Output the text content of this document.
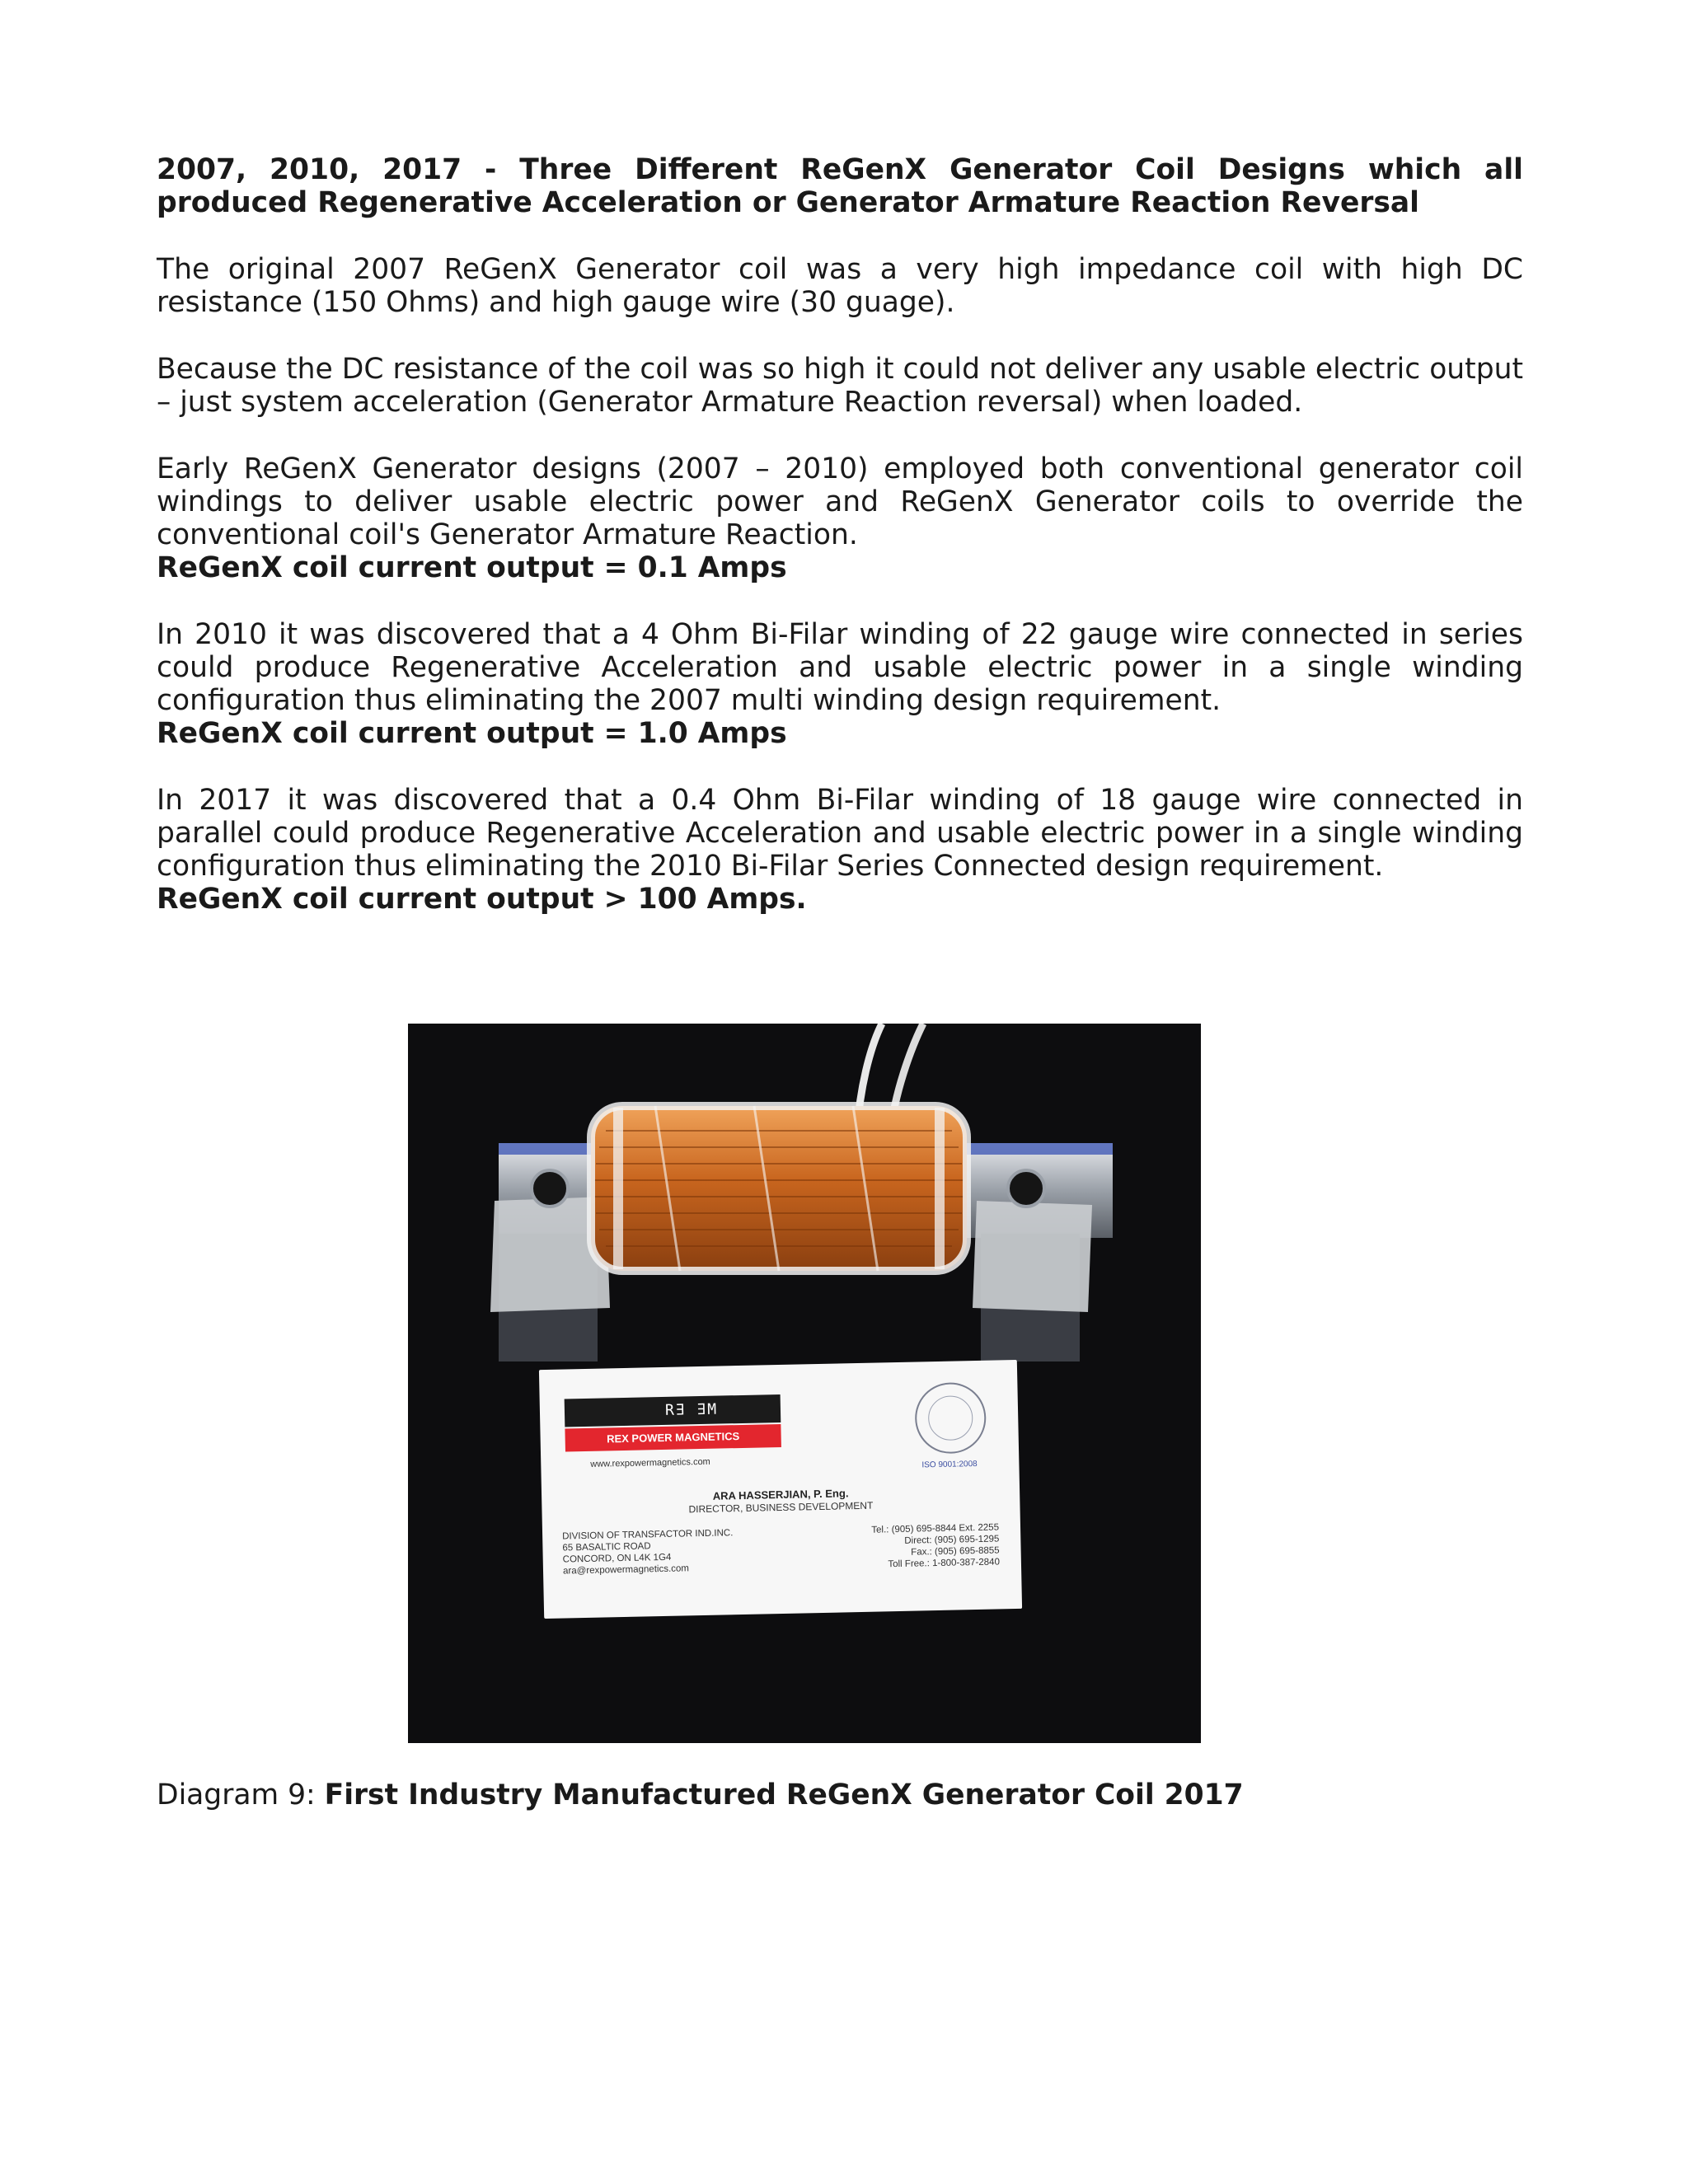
2007, 2010, 2017 - Three Different ReGenX Generator Coil Designs which all produced Regenerative Acceleration or Generator Armature Reaction Reversal

The original 2007 ReGenX Generator coil was a very high impedance coil with high DC resistance (150 Ohms) and high gauge wire (30 guage).

Because the DC resistance of the coil was so high it could not deliver any usable electric output – just system acceleration (Generator Armature Reaction reversal) when loaded.

Early ReGenX Generator designs (2007 – 2010) employed both conventional generator coil windings to deliver usable electric power and ReGenX Generator coils to override the conventional coil's Generator Armature Reaction.

ReGenX coil current output = 0.1 Amps

In 2010 it was discovered that a 4 Ohm Bi-Filar winding of 22 gauge wire connected in series could produce Regenerative Acceleration and usable electric power in a single winding configuration thus eliminating the 2007 multi winding design requirement.

ReGenX coil current output = 1.0 Amps

In 2017 it was discovered that a 0.4 Ohm Bi-Filar winding of 18 gauge wire connected in parallel could produce Regenerative Acceleration and usable electric power in a single winding configuration thus eliminating the 2010 Bi-Filar Series Connected design requirement.

ReGenX coil current output > 100 Amps.

R∃ ∃M
REX POWER MAGNETICS
www.rexpowermagnetics.com	ISO 9001:2008
ARA HASSERJIAN, P. Eng.
DIRECTOR, BUSINESS DEVELOPMENT
DIVISION OF TRANSFACTOR IND.INC.
65 BASALTIC ROAD
CONCORD, ON L4K 1G4
ara@rexpowermagnetics.com
Tel.: (905) 695-8844 Ext. 2255
Direct: (905) 695-1295
Fax.: (905) 695-8855
Toll Free.: 1-800-387-2840

Diagram 9: First Industry Manufactured ReGenX Generator Coil 2017
